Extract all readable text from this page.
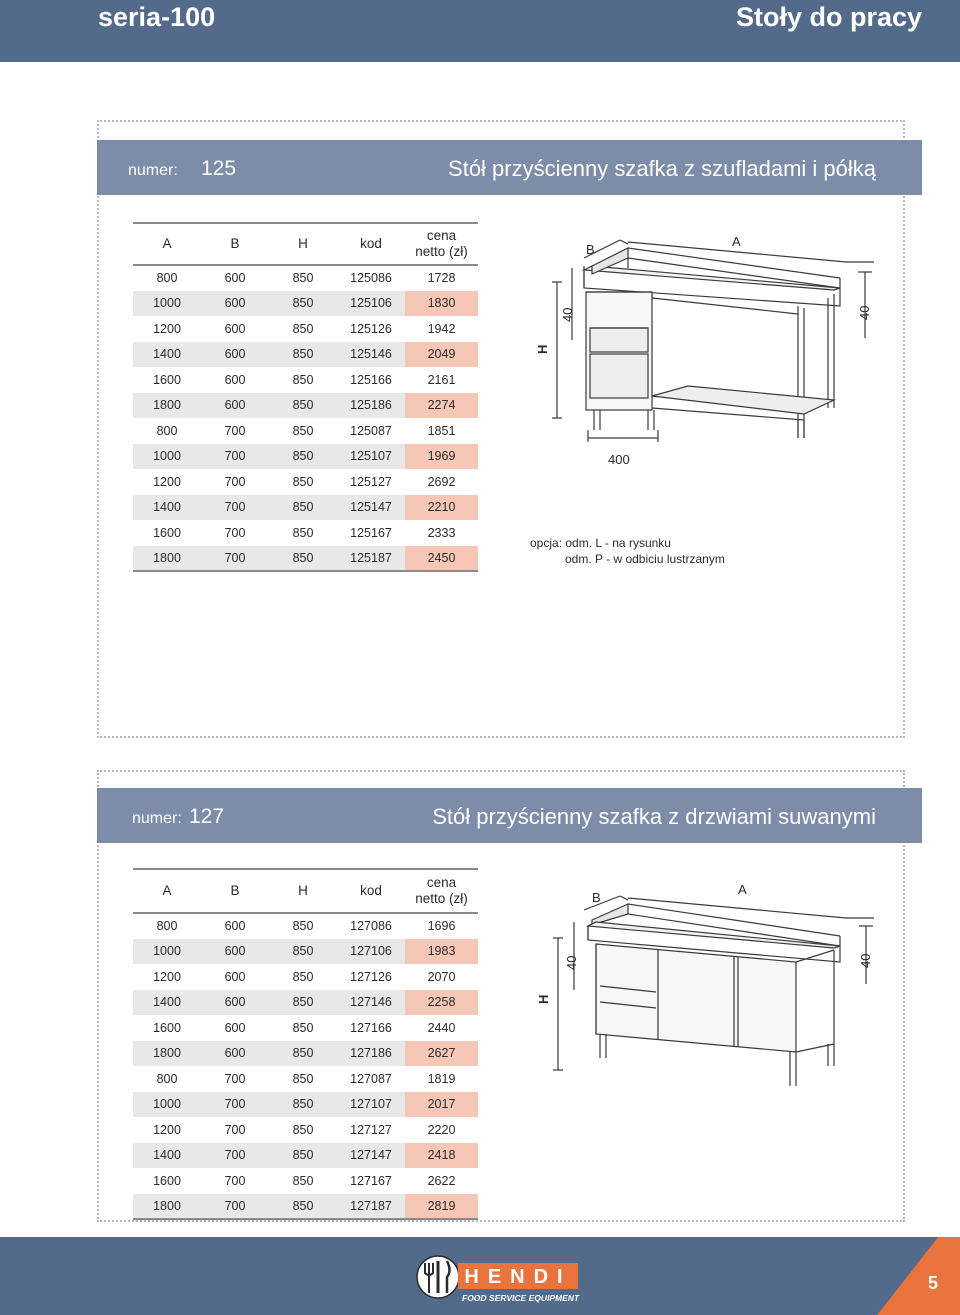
seria-100	Stoły do pracy
numer: 125	Stół przyścienny szafka z szufladami i półką
A	B	H	kod	cena netto (zł)
800	600	850	125086	1728
1000	600	850	125106	1830
1200	600	850	125126	1942
1400	600	850	125146	2049
1600	600	850	125166	2161
1800	600	850	125186	2274
800	700	850	125087	1851
1000	700	850	125107	1969
1200	700	850	125127	2692
1400	700	850	125147	2210
1600	700	850	125167	2333
1800	700	850	125187	2450
B
A
H
40	40
400
opcja: odm. L - na rysunku
odm. P - w odbiciu lustrzanym
numer: 127	Stół przyścienny szafka z drzwiami suwanymi
A	B	H	kod	cena netto (zł)
800	600	850	127086	1696
1000	600	850	127106	1983
1200	600	850	127126	2070
1400	600	850	127146	2258
1600	600	850	127166	2440
1800	600	850	127186	2627
800	700	850	127087	1819
1000	700	850	127107	2017
1200	700	850	127127	2220
1400	700	850	127147	2418
1600	700	850	127167	2622
1800	700	850	127187	2819
B
A
H
40	40
HENDI
FOOD SERVICE EQUIPMENT
5
